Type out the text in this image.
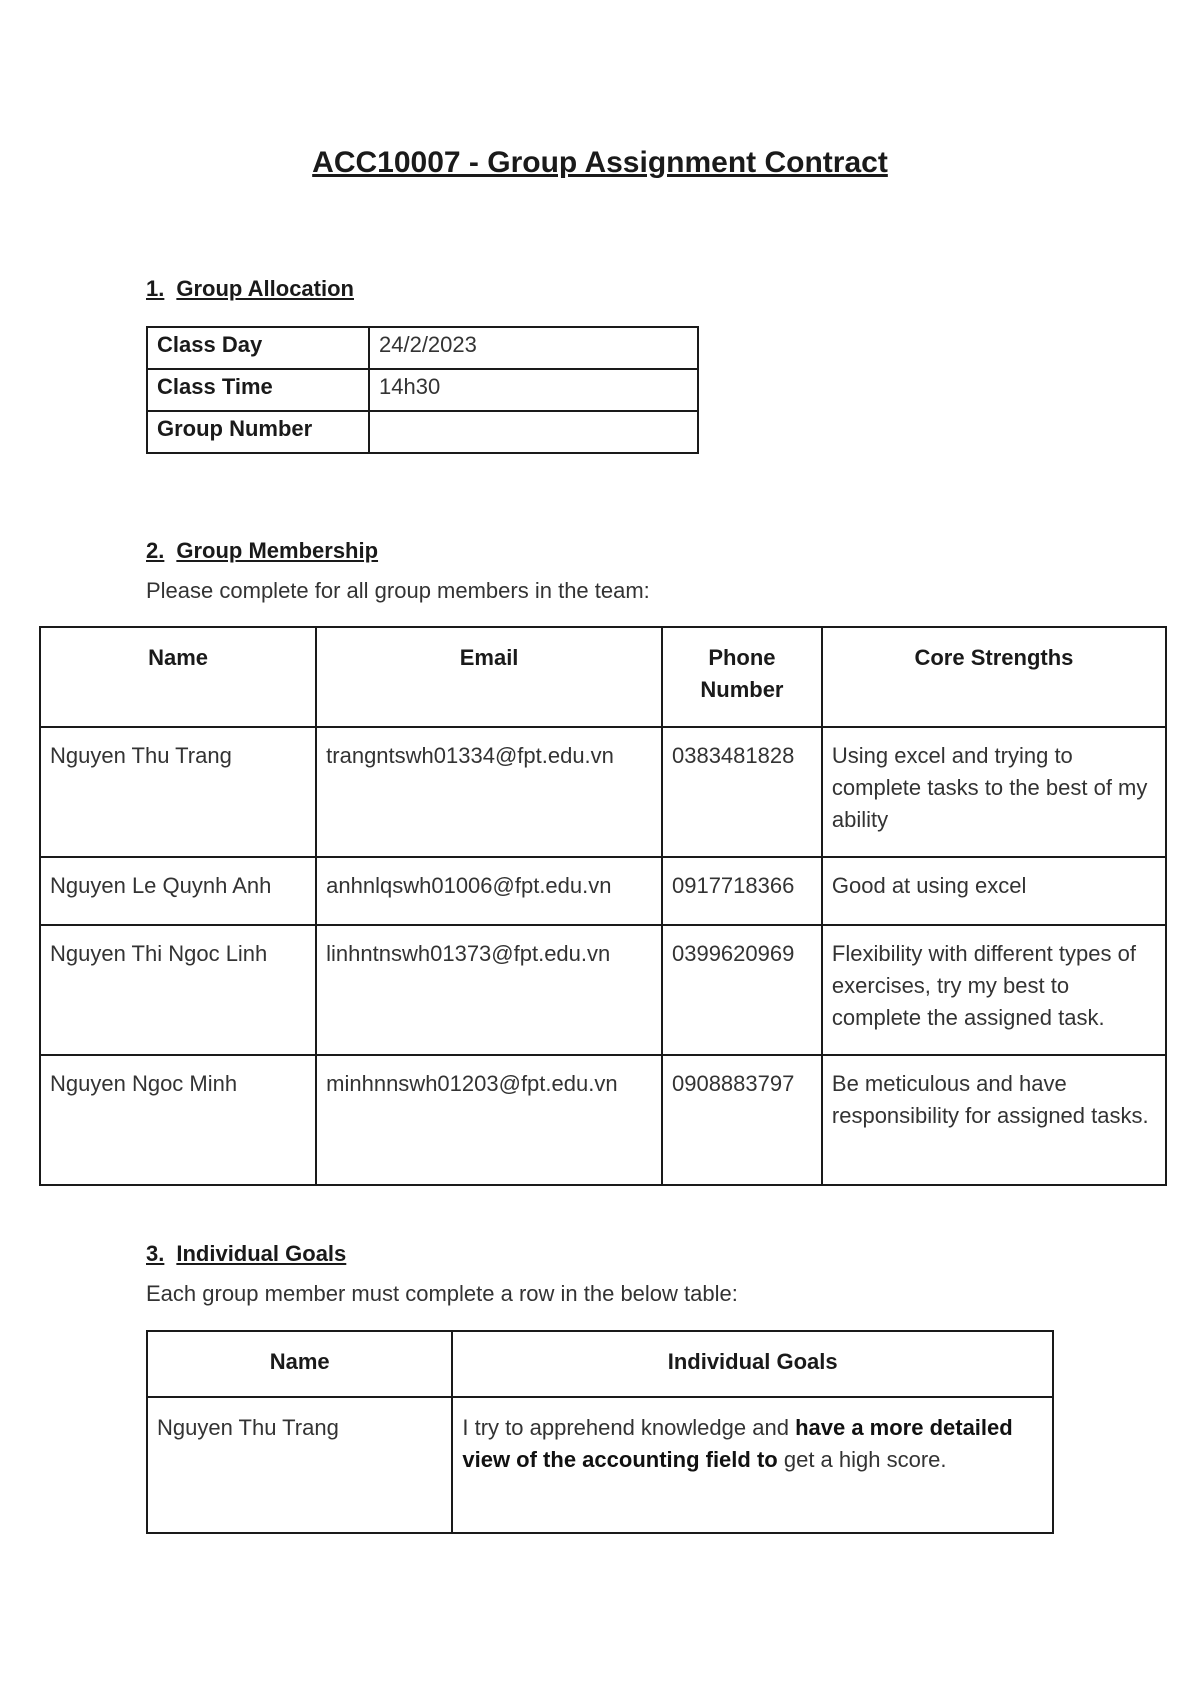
ACC10007 - Group Assignment Contract
1. Group Allocation
Class Day	24/2/2023
Class Time	14h30
Group Number	
2. Group Membership

Please complete for all group members in the team:

Name	Email	Phone Number	Core Strengths
Nguyen Thu Trang	trangntswh01334@fpt.edu.vn	0383481828	Using excel and trying to complete tasks to the best of my ability
Nguyen Le Quynh Anh	anhnlqswh01006@fpt.edu.vn	0917718366	Good at using excel
Nguyen Thi Ngoc Linh	linhntnswh01373@fpt.edu.vn	0399620969	Flexibility with different types of exercises, try my best to complete the assigned task.
Nguyen Ngoc Minh	minhnnswh01203@fpt.edu.vn	0908883797	Be meticulous and have responsibility for assigned tasks.
3. Individual Goals

Each group member must complete a row in the below table:

Name	Individual Goals
Nguyen Thu Trang	I try to apprehend knowledge and have a more detailed view of the accounting field to get a high score.
